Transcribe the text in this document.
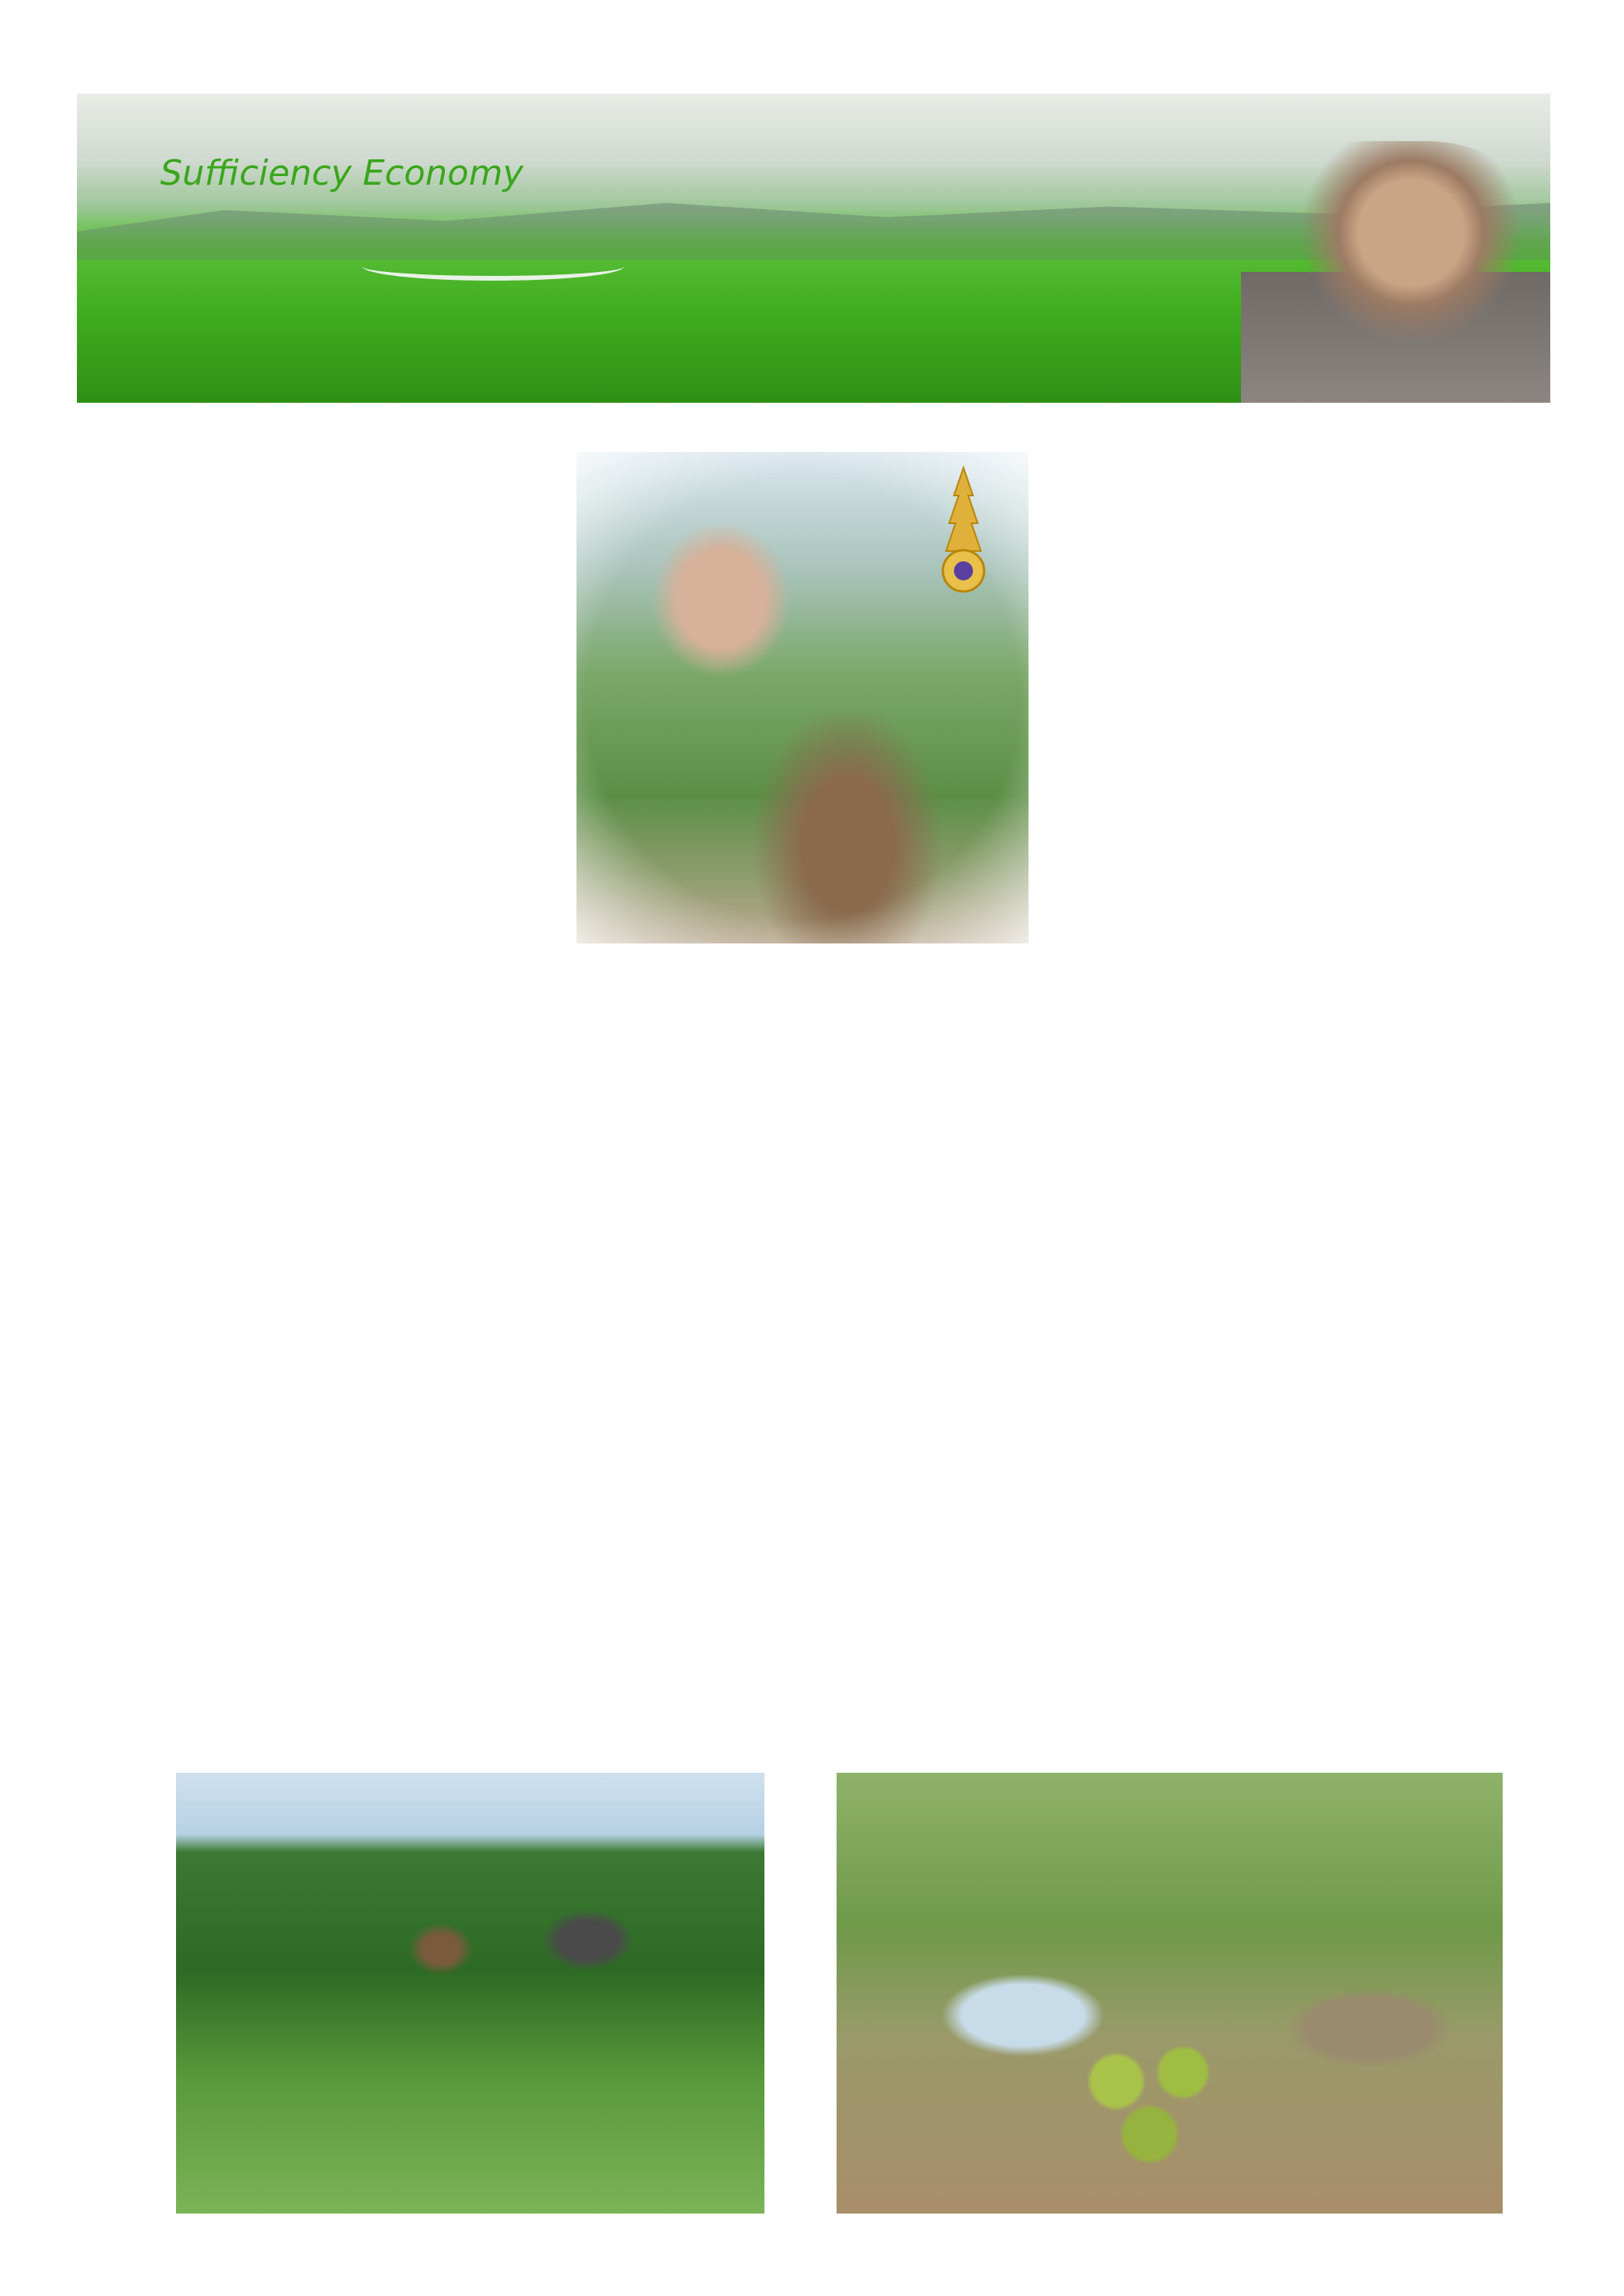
Sufficiency Economy
